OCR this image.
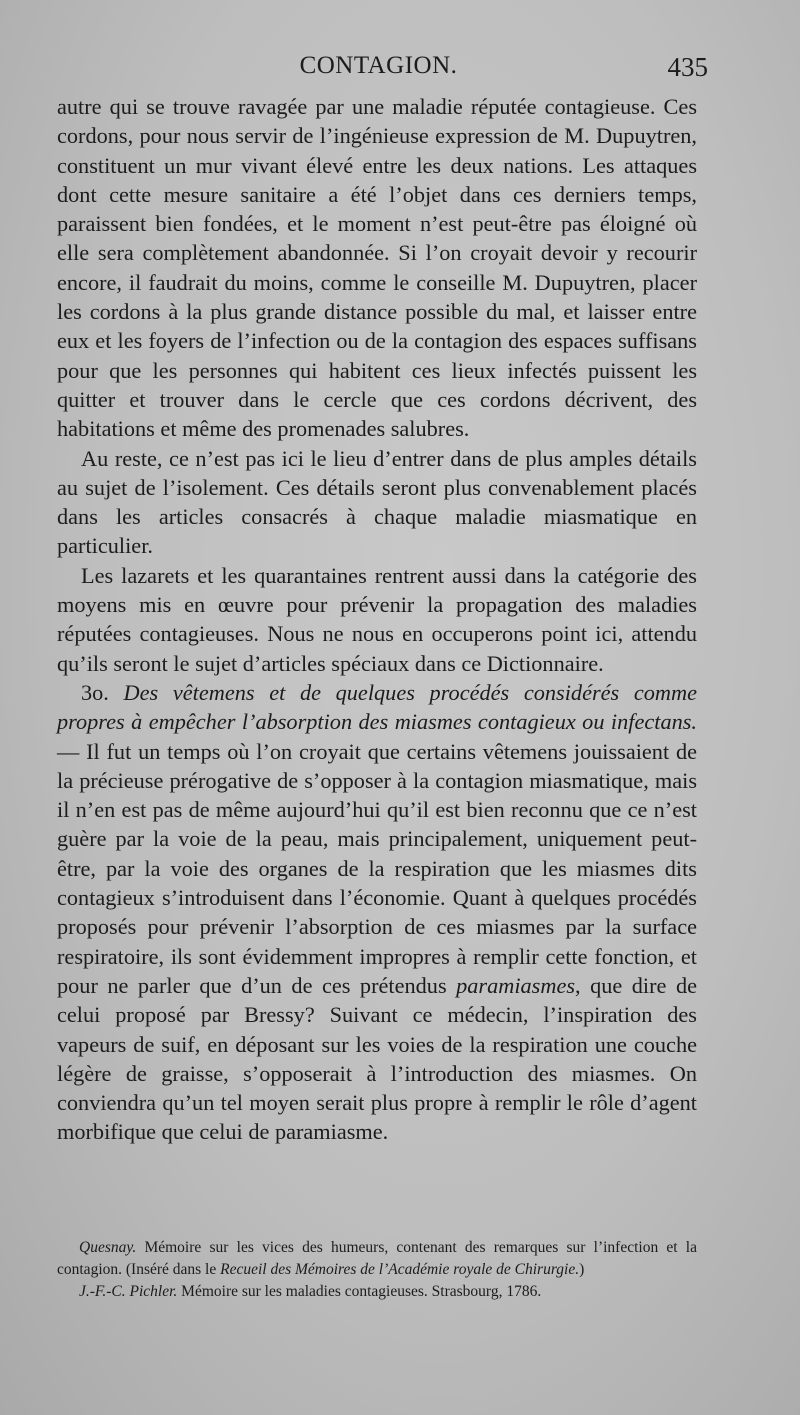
CONTAGION.	435

autre qui se trouve ravagée par une maladie réputée contagieuse. Ces cordons, pour nous servir de l’ingénieuse expression de M. Dupuytren, constituent un mur vivant élevé entre les deux nations. Les attaques dont cette mesure sanitaire a été l’objet dans ces derniers temps, paraissent bien fondées, et le moment n’est peut-être pas éloigné où elle sera complètement abandonnée. Si l’on croyait devoir y recourir encore, il faudrait du moins, comme le conseille M. Dupuytren, placer les cordons à la plus grande distance possible du mal, et laisser entre eux et les foyers de l’infection ou de la contagion des espaces suffisans pour que les personnes qui habitent ces lieux infectés puissent les quitter et trouver dans le cercle que ces cordons décrivent, des habitations et même des promenades salubres.

Au reste, ce n’est pas ici le lieu d’entrer dans de plus amples détails au sujet de l’isolement. Ces détails seront plus convenablement placés dans les articles consacrés à chaque maladie miasmatique en particulier.

Les lazarets et les quarantaines rentrent aussi dans la catégorie des moyens mis en œuvre pour prévenir la propagation des maladies réputées contagieuses. Nous ne nous en occuperons point ici, attendu qu’ils seront le sujet d’articles spéciaux dans ce Dictionnaire.

3o. Des vêtemens et de quelques procédés considérés comme propres à empêcher l’absorption des miasmes contagieux ou infectans. — Il fut un temps où l’on croyait que certains vêtemens jouissaient de la précieuse prérogative de s’opposer à la contagion miasmatique, mais il n’en est pas de même aujourd’hui qu’il est bien reconnu que ce n’est guère par la voie de la peau, mais principalement, uniquement peut-être, par la voie des organes de la respiration que les miasmes dits contagieux s’introduisent dans l’économie. Quant à quelques procédés proposés pour prévenir l’absorption de ces miasmes par la surface respiratoire, ils sont évidemment impropres à remplir cette fonction, et pour ne parler que d’un de ces prétendus paramiasmes, que dire de celui proposé par Bressy? Suivant ce médecin, l’inspiration des vapeurs de suif, en déposant sur les voies de la respiration une couche légère de graisse, s’opposerait à l’introduction des miasmes. On conviendra qu’un tel moyen serait plus propre à remplir le rôle d’agent morbifique que celui de paramiasme.

Quesnay. Mémoire sur les vices des humeurs, contenant des remarques sur l’infection et la contagion. (Inséré dans le Recueil des Mémoires de l’Académie royale de Chirurgie.)

J.-F.-C. Pichler. Mémoire sur les maladies contagieuses. Strasbourg, 1786.
